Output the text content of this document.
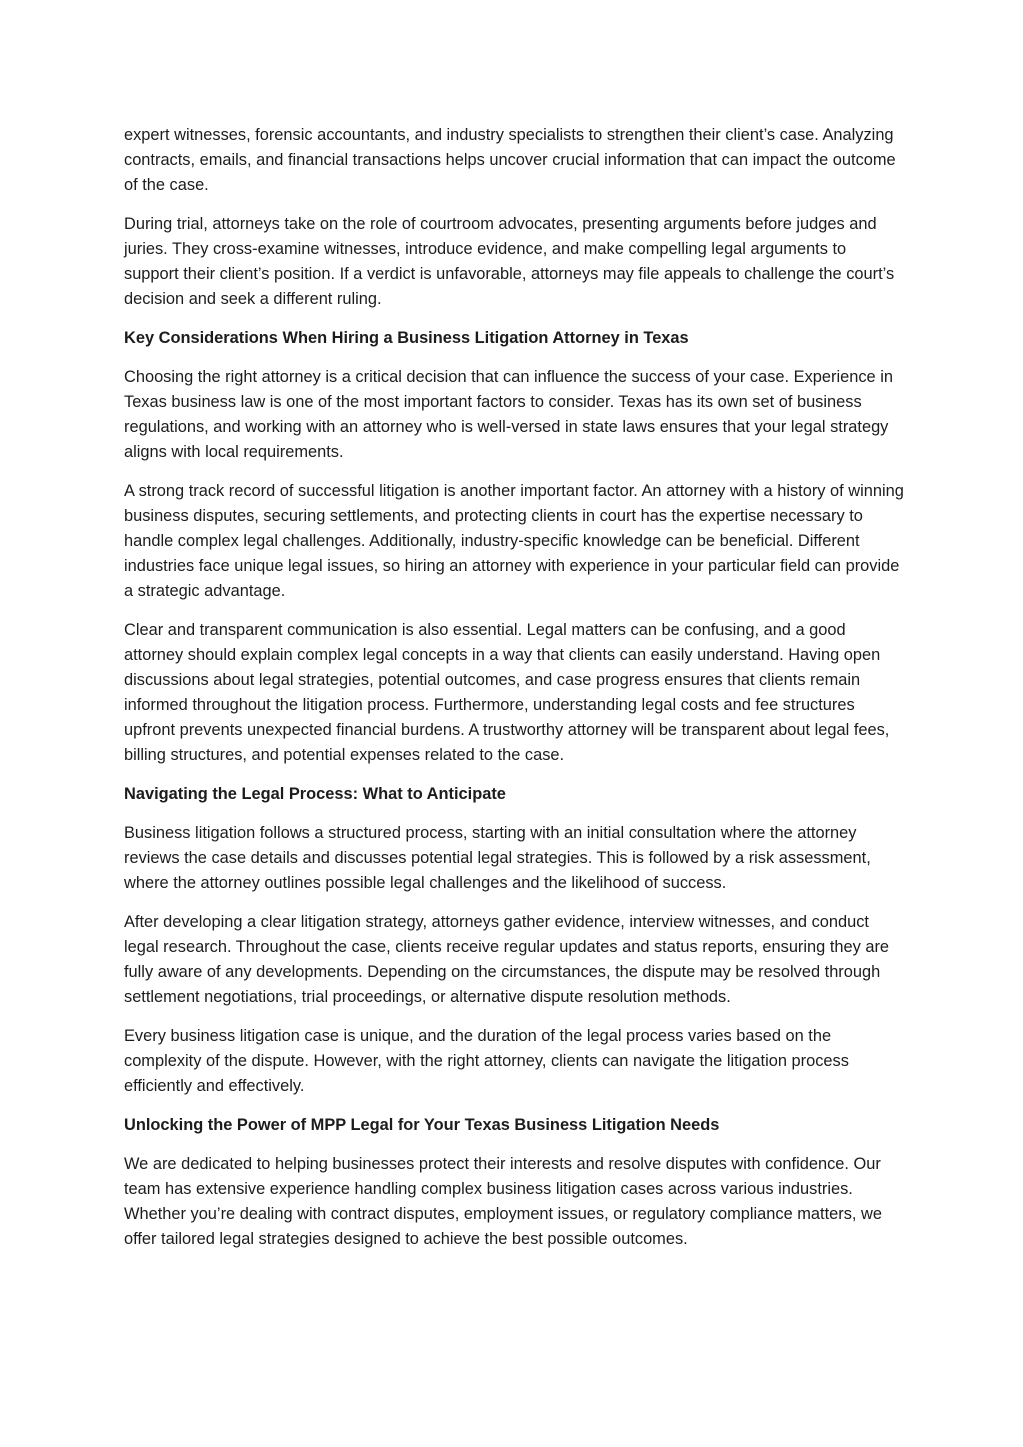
expert witnesses, forensic accountants, and industry specialists to strengthen their client’s case. Analyzing contracts, emails, and financial transactions helps uncover crucial information that can impact the outcome of the case.

During trial, attorneys take on the role of courtroom advocates, presenting arguments before judges and juries. They cross-examine witnesses, introduce evidence, and make compelling legal arguments to support their client’s position. If a verdict is unfavorable, attorneys may file appeals to challenge the court’s decision and seek a different ruling.

Key Considerations When Hiring a Business Litigation Attorney in Texas

Choosing the right attorney is a critical decision that can influence the success of your case. Experience in Texas business law is one of the most important factors to consider. Texas has its own set of business regulations, and working with an attorney who is well-versed in state laws ensures that your legal strategy aligns with local requirements.

A strong track record of successful litigation is another important factor. An attorney with a history of winning business disputes, securing settlements, and protecting clients in court has the expertise necessary to handle complex legal challenges. Additionally, industry-specific knowledge can be beneficial. Different industries face unique legal issues, so hiring an attorney with experience in your particular field can provide a strategic advantage.

Clear and transparent communication is also essential. Legal matters can be confusing, and a good attorney should explain complex legal concepts in a way that clients can easily understand. Having open discussions about legal strategies, potential outcomes, and case progress ensures that clients remain informed throughout the litigation process. Furthermore, understanding legal costs and fee structures upfront prevents unexpected financial burdens. A trustworthy attorney will be transparent about legal fees, billing structures, and potential expenses related to the case.

Navigating the Legal Process: What to Anticipate

Business litigation follows a structured process, starting with an initial consultation where the attorney reviews the case details and discusses potential legal strategies. This is followed by a risk assessment, where the attorney outlines possible legal challenges and the likelihood of success.

After developing a clear litigation strategy, attorneys gather evidence, interview witnesses, and conduct legal research. Throughout the case, clients receive regular updates and status reports, ensuring they are fully aware of any developments. Depending on the circumstances, the dispute may be resolved through settlement negotiations, trial proceedings, or alternative dispute resolution methods.

Every business litigation case is unique, and the duration of the legal process varies based on the complexity of the dispute. However, with the right attorney, clients can navigate the litigation process efficiently and effectively.

Unlocking the Power of MPP Legal for Your Texas Business Litigation Needs

We are dedicated to helping businesses protect their interests and resolve disputes with confidence. Our team has extensive experience handling complex business litigation cases across various industries. Whether you’re dealing with contract disputes, employment issues, or regulatory compliance matters, we offer tailored legal strategies designed to achieve the best possible outcomes.
